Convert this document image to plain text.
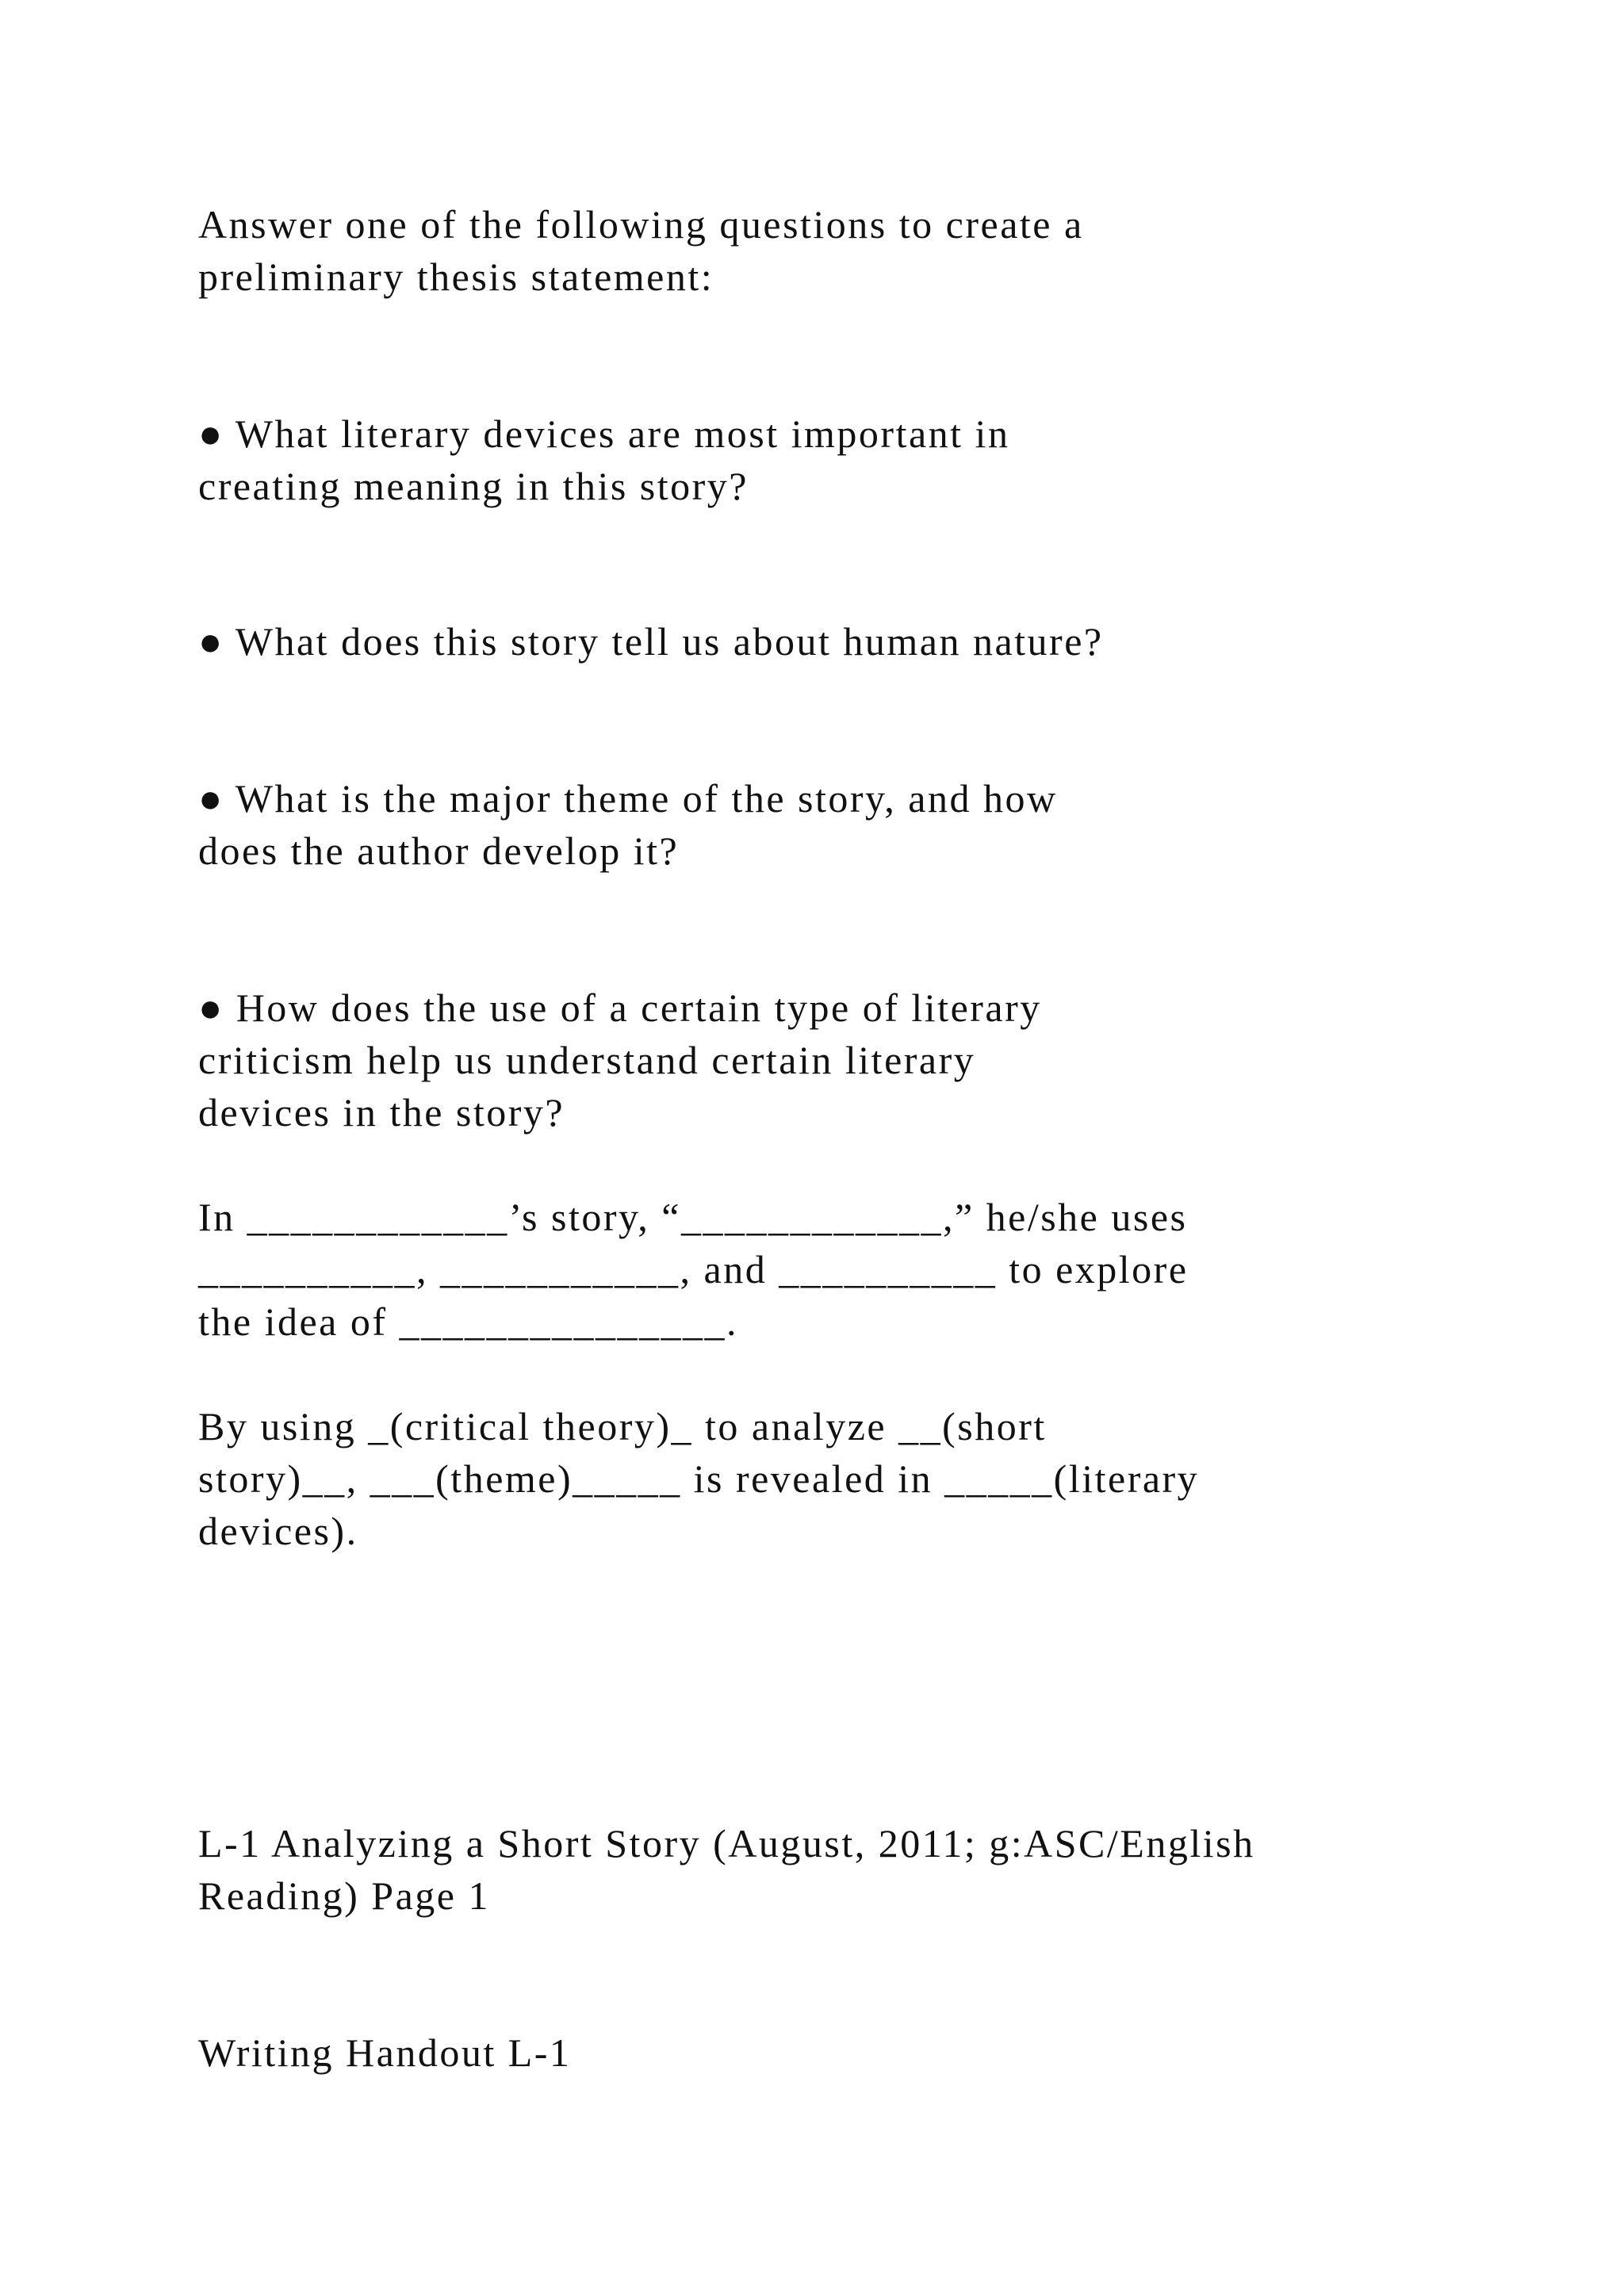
Answer one of the following questions to create a
preliminary thesis statement:
● What literary devices are most important in
creating meaning in this story?
● What does this story tell us about human nature?
● What is the major theme of the story, and how
does the author develop it?
● How does the use of a certain type of literary
criticism help us understand certain literary
devices in the story?
In ____________’s story, “____________,” he/she uses
__________, ___________, and __________ to explore
the idea of _______________.
By using _(critical theory)_ to analyze __(short
story)__, ___(theme)_____ is revealed in _____(literary
devices).
L-1 Analyzing a Short Story (August, 2011; g:ASC/English
Reading) Page 1
Writing Handout L-1
